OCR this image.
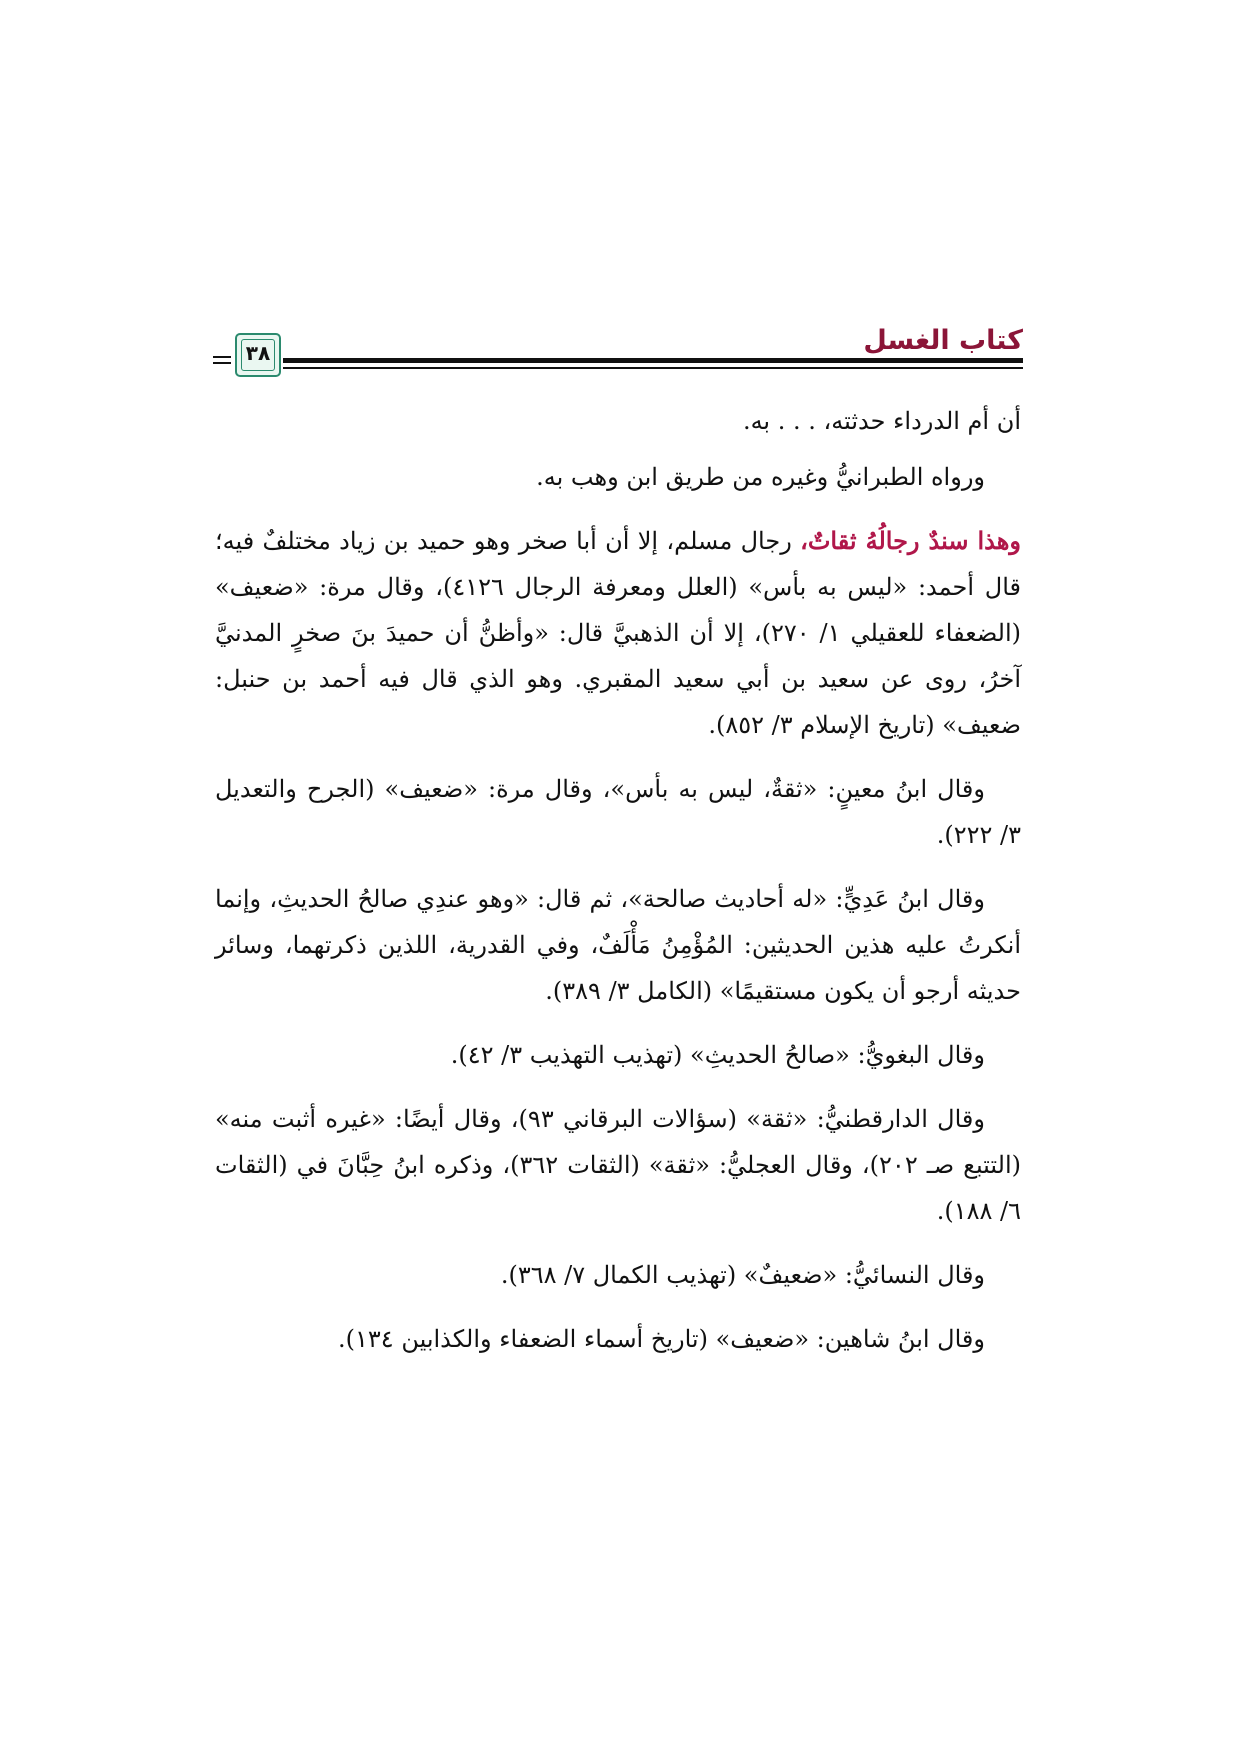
كتاب الغسل
٣٨

أن أم الدرداء حدثته، . . . به.

ورواه الطبرانيُّ وغيره من طريق ابن وهب به.

وهذا سندٌ رجالُهُ ثقاتٌ، رجال مسلم، إلا أن أبا صخر وهو حميد بن زياد مختلفٌ فيه؛ قال أحمد: «ليس به بأس» (العلل ومعرفة الرجال ٤١٢٦)، وقال مرة: «ضعيف» (الضعفاء للعقيلي ١/ ٢٧٠)، إلا أن الذهبيَّ قال: «وأظنُّ أن حميدَ بنَ صخرٍ المدنيَّ آخرُ، روى عن سعيد بن أبي سعيد المقبري. وهو الذي قال فيه أحمد بن حنبل: ضعيف» (تاريخ الإسلام ٣/ ٨٥٢).

وقال ابنُ معينٍ: «ثقةٌ، ليس به بأس»، وقال مرة: «ضعيف» (الجرح والتعديل ٣/ ٢٢٢).

وقال ابنُ عَدِيٍّ: «له أحاديث صالحة»، ثم قال: «وهو عندِي صالحُ الحديثِ، وإنما أنكرتُ عليه هذين الحديثين: المُؤْمِنُ مَأْلَفٌ، وفي القدرية، اللذين ذكرتهما، وسائر حديثه أرجو أن يكون مستقيمًا» (الكامل ٣/ ٣٨٩).

وقال البغويُّ: «صالحُ الحديثِ» (تهذيب التهذيب ٣/ ٤٢).

وقال الدارقطنيُّ: «ثقة» (سؤالات البرقاني ٩٣)، وقال أيضًا: «غيره أثبت منه» (التتبع صـ ٢٠٢)، وقال العجليُّ: «ثقة» (الثقات ٣٦٢)، وذكره ابنُ حِبَّانَ في (الثقات ٦/ ١٨٨).

وقال النسائيُّ: «ضعيفٌ» (تهذيب الكمال ٧/ ٣٦٨).

وقال ابنُ شاهين: «ضعيف» (تاريخ أسماء الضعفاء والكذابين ١٣٤).
